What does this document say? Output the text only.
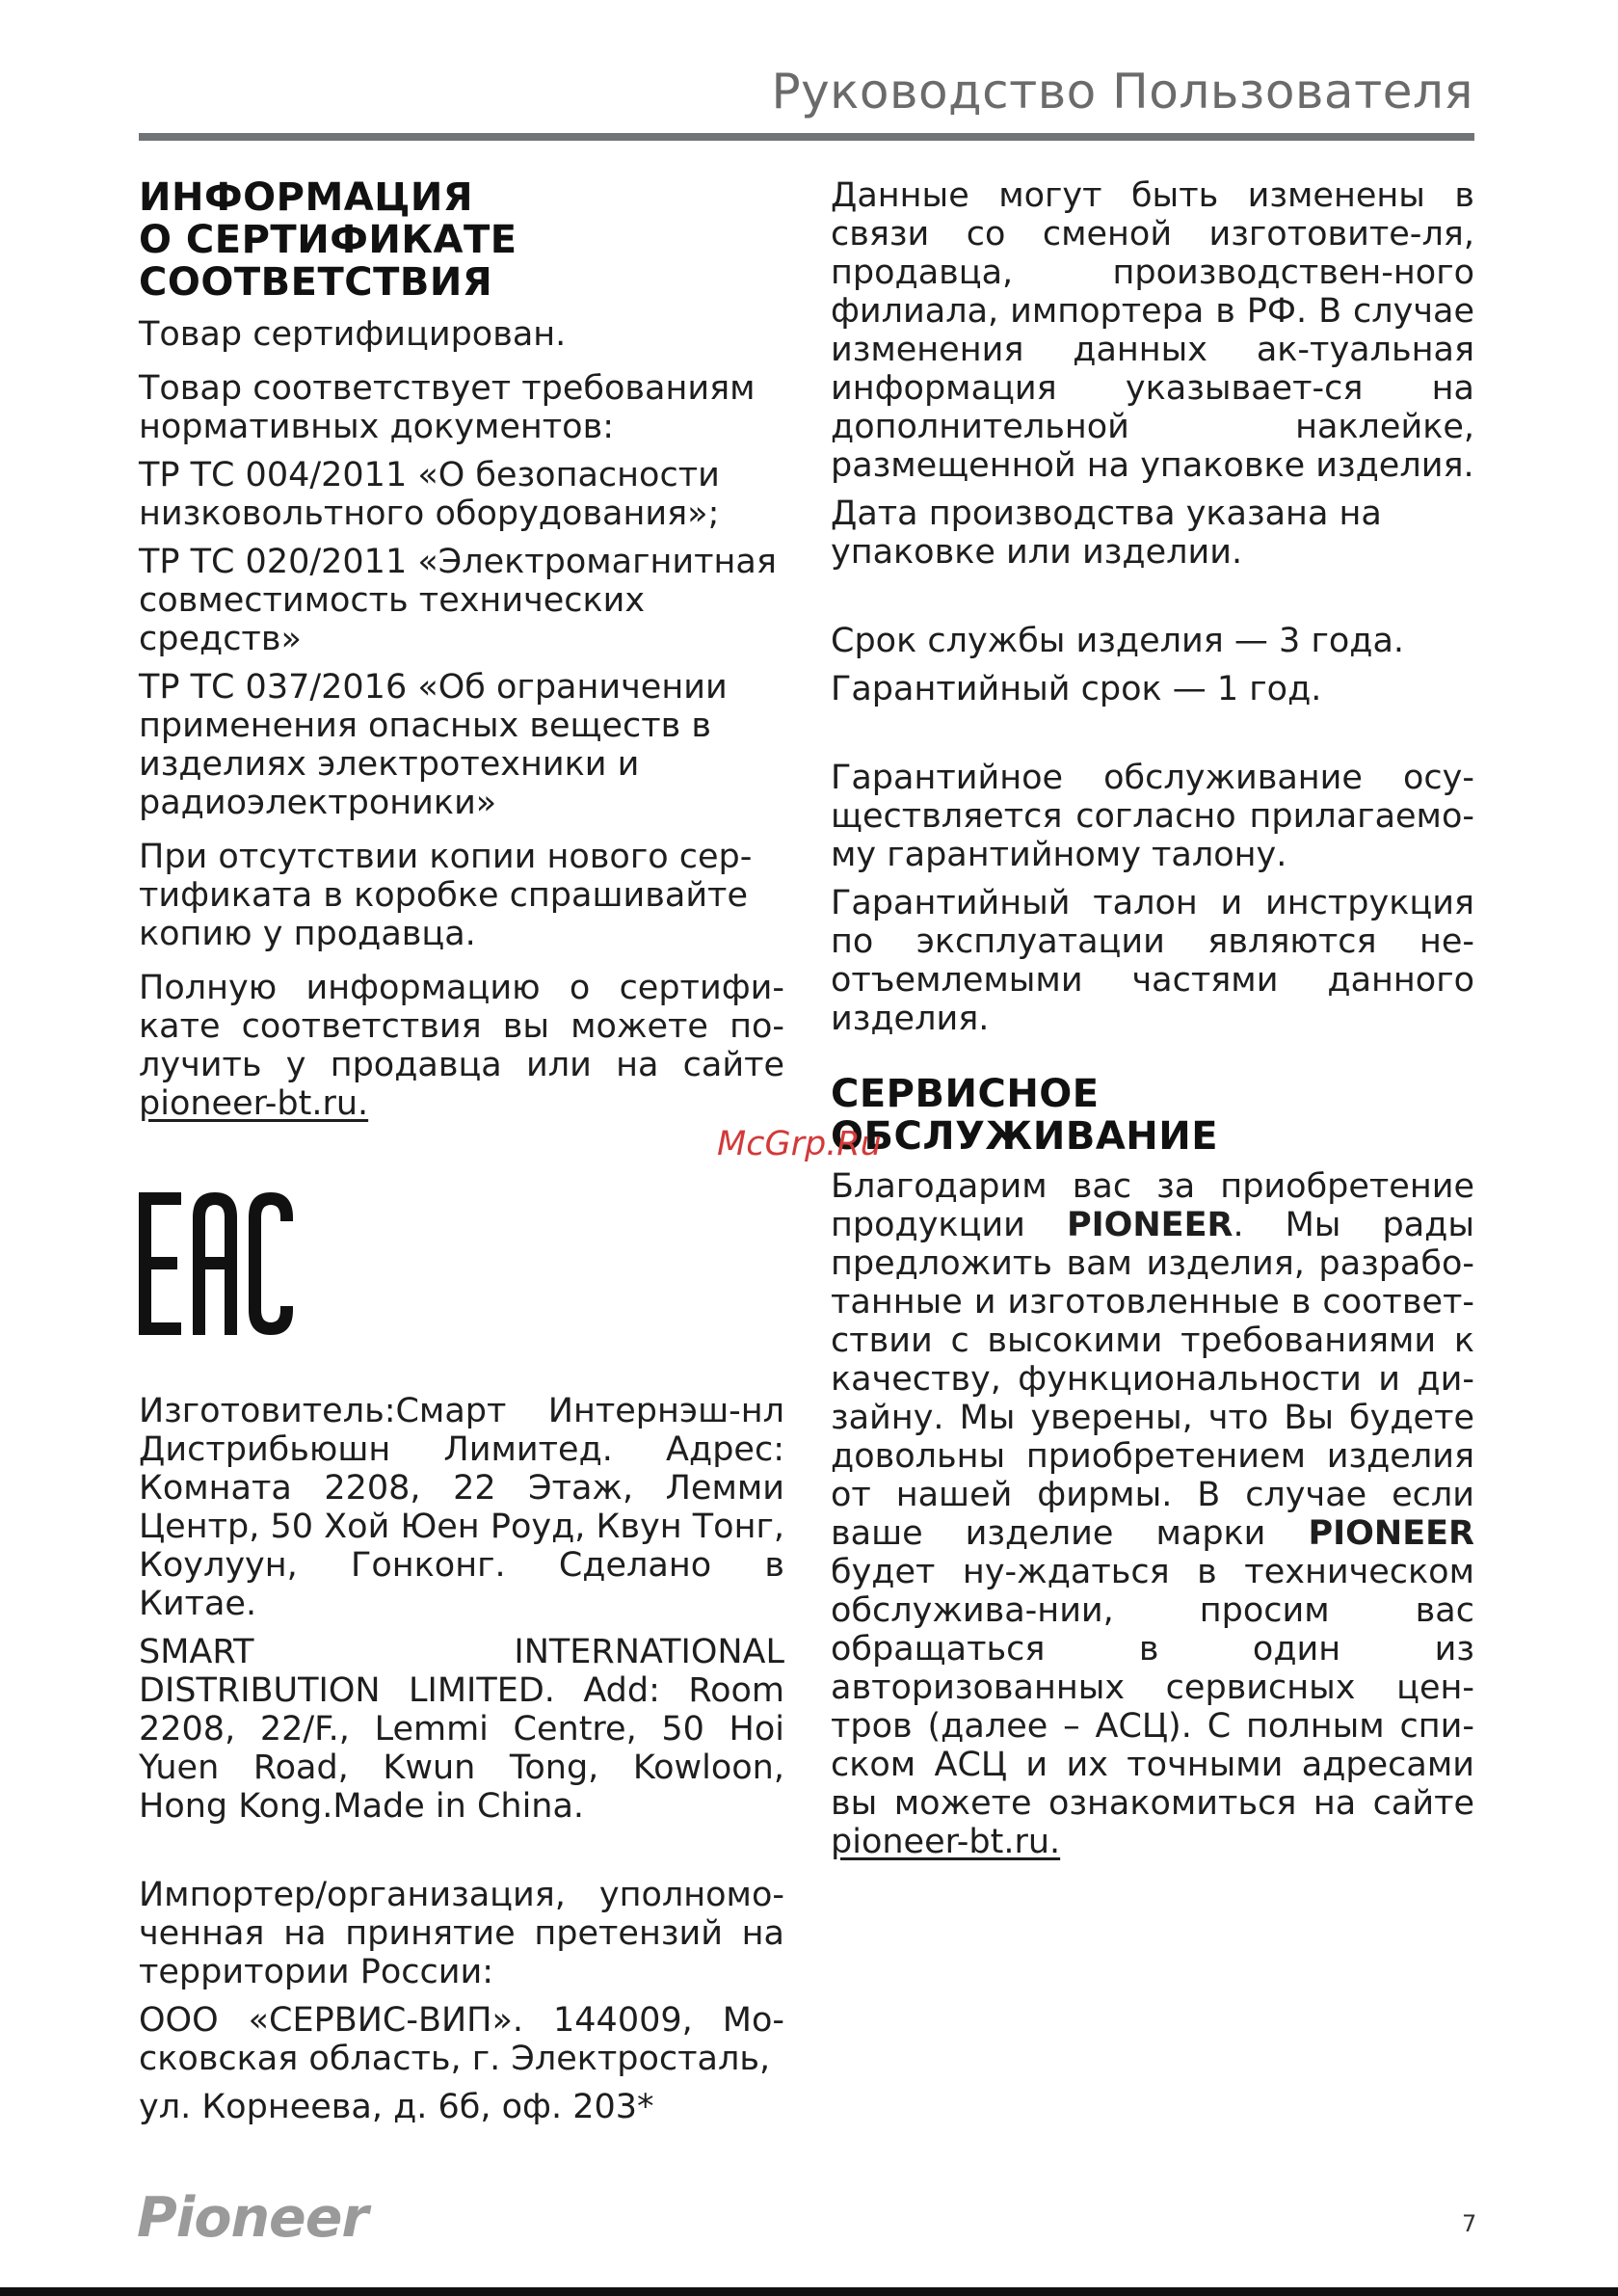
Руководство Пользователя
ИНФОРМАЦИЯ
О СЕРТИФИКАТЕ
СООТВЕТСТВИЯ

Товар сертифицирован.

Товар соответствует требованиям нормативных документов:

ТР ТС 004/2011 «О безопасности низковольтного оборудования»;

ТР ТС 020/2011 «Электромагнитная совместимость технических средств»

ТР ТС 037/2016 «Об ограничении применения опасных веществ в изделиях электротехники и радиоэлектроники»

При отсутствии копии нового сер-тификата в коробке спрашивайте копию у продавца.

Полную информацию о сертифи-кате соответствия вы можете по-лучить у продавца или на сайте pioneer-bt.ru.

Изготовитель:Смарт Интернэш-нл Дистрибьюшн Лимитед. Адрес: Комната 2208, 22 Этаж, Лемми Центр, 50 Хой Юен Роуд, Квун Тонг, Коулуун, Гонконг. Сделано в Китае.

SMART INTERNATIONAL DISTRIBUTION LIMITED. Add: Room 2208, 22/F., Lemmi Centre, 50 Hoi Yuen Road, Kwun Tong, Kowloon, Hong Kong.Made in China.

Импортер/организация, уполномо-ченная на принятие претензий на территории России:

ООО «СЕРВИС-ВИП». 144009, Мо-сковская область, г. Электросталь,

ул. Корнеева, д. 6б, оф. 203*

Данные могут быть изменены в связи со сменой изготовите-ля, продавца, производствен-ного филиала, импортера в РФ. В случае изменения данных ак-туальная информация указывает-ся на дополнительной наклейке, размещенной на упаковке изделия.

Дата производства указана на упаковке или изделии.

Срок службы изделия — 3 года.

Гарантийный срок — 1 год.

Гарантийное обслуживание осу-ществляется согласно прилагаемо-му гарантийному талону.

Гарантийный талон и инструкция по эксплуатации являются не-отъемлемыми частями данного изделия.

СЕРВИСНОЕ ОБСЛУЖИВАНИЕ

Благодарим вас за приобретение продукции PIONEER. Мы рады предложить вам изделия, разрабо-танные и изготовленные в соответ-ствии с высокими требованиями к качеству, функциональности и ди-зайну. Мы уверены, что Вы будете довольны приобретением изделия от нашей фирмы. В случае если ваше изделие марки PIONEER будет ну-ждаться в техническом обслужива-нии, просим вас обращаться в один из авторизованных сервисных цен-тров (далее – АСЦ). С полным спи-ском АСЦ и их точными адресами вы можете ознакомиться на сайте pioneer-bt.ru.

McGrp.Ru
Pioneer	7
